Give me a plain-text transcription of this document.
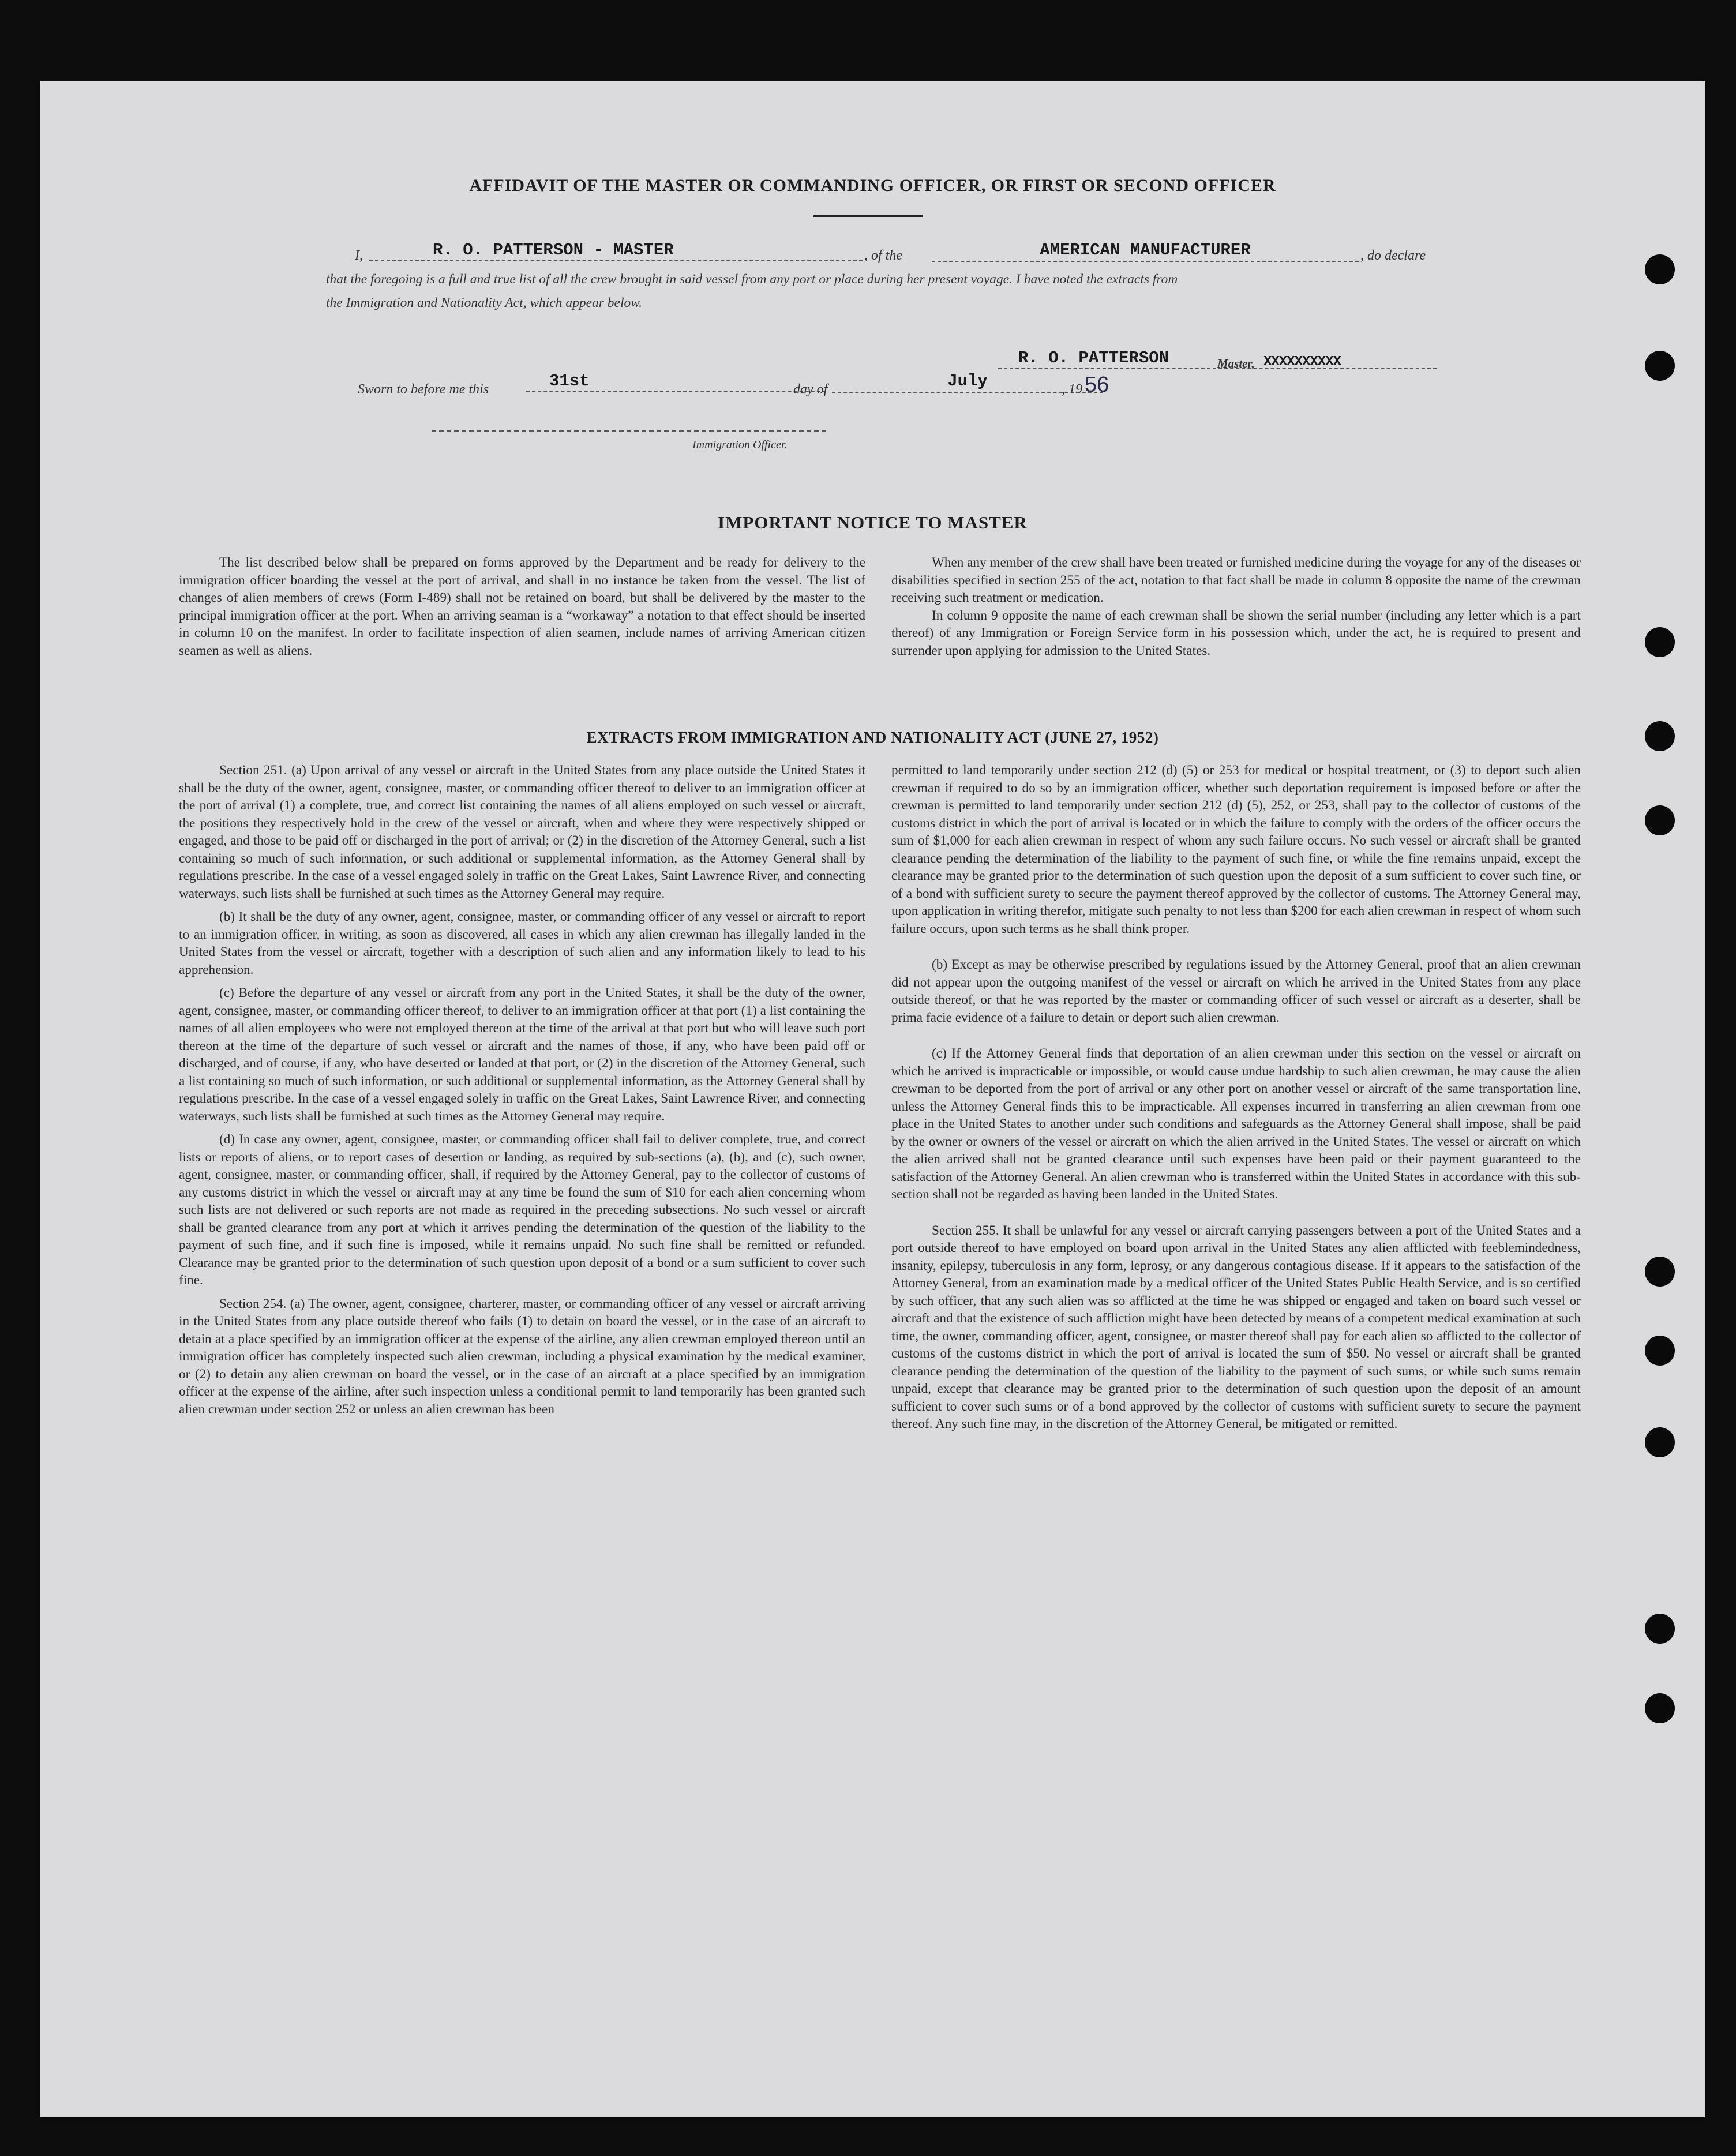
AFFIDAVIT OF THE MASTER OR COMMANDING OFFICER, OR FIRST OR SECOND OFFICER
I,	R. O. PATTERSON - MASTER	, of the	AMERICAN MANUFACTURER	, do declare
that the foregoing is a full and true list of all the crew brought in said vessel from any port or place during her present voyage. I have noted the extracts from
the Immigration and Nationality Act, which appear below.
Sworn to before me this	31st	day of	July	, 19 56
R. O. PATTERSON	Master, XXXXXXXXXX
Immigration Officer.
IMPORTANT NOTICE TO MASTER

The list described below shall be prepared on forms approved by the Department and be ready for delivery to the immigration officer boarding the vessel at the port of arrival, and shall in no instance be taken from the vessel. The list of changes of alien members of crews (Form I-489) shall not be retained on board, but shall be delivered by the master to the principal immigration officer at the port. When an arriving seaman is a “workaway” a notation to that effect should be inserted in column 10 on the manifest. In order to facilitate inspection of alien seamen, include names of arriving American citizen seamen as well as aliens.

When any member of the crew shall have been treated or furnished medicine during the voyage for any of the diseases or disabilities specified in section 255 of the act, notation to that fact shall be made in column 8 opposite the name of the crewman receiving such treatment or medication.

In column 9 opposite the name of each crewman shall be shown the serial number (including any letter which is a part thereof) of any Immigration or Foreign Service form in his possession which, under the act, he is required to present and surrender upon applying for admission to the United States.

EXTRACTS FROM IMMIGRATION AND NATIONALITY ACT (JUNE 27, 1952)

Section 251. (a) Upon arrival of any vessel or aircraft in the United States from any place outside the United States it shall be the duty of the owner, agent, consignee, master, or commanding officer thereof to deliver to an immigration officer at the port of arrival (1) a complete, true, and correct list containing the names of all aliens employed on such vessel or aircraft, the positions they respectively hold in the crew of the vessel or aircraft, when and where they were respectively shipped or engaged, and those to be paid off or discharged in the port of arrival; or (2) in the discretion of the Attorney General, such a list containing so much of such information, or such additional or supplemental information, as the Attorney General shall by regulations prescribe. In the case of a vessel engaged solely in traffic on the Great Lakes, Saint Lawrence River, and connecting waterways, such lists shall be furnished at such times as the Attorney General may require.

(b) It shall be the duty of any owner, agent, consignee, master, or commanding officer of any vessel or aircraft to report to an immigration officer, in writing, as soon as discovered, all cases in which any alien crewman has illegally landed in the United States from the vessel or aircraft, together with a description of such alien and any information likely to lead to his apprehension.

(c) Before the departure of any vessel or aircraft from any port in the United States, it shall be the duty of the owner, agent, consignee, master, or commanding officer thereof, to deliver to an immigration officer at that port (1) a list containing the names of all alien employees who were not employed thereon at the time of the arrival at that port but who will leave such port thereon at the time of the departure of such vessel or aircraft and the names of those, if any, who have been paid off or discharged, and of course, if any, who have deserted or landed at that port, or (2) in the discretion of the Attorney General, such a list containing so much of such information, or such additional or supplemental information, as the Attorney General shall by regulations prescribe. In the case of a vessel engaged solely in traffic on the Great Lakes, Saint Lawrence River, and connecting waterways, such lists shall be furnished at such times as the Attorney General may require.

(d) In case any owner, agent, consignee, master, or commanding officer shall fail to deliver complete, true, and correct lists or reports of aliens, or to report cases of desertion or landing, as required by sub-sections (a), (b), and (c), such owner, agent, consignee, master, or commanding officer, shall, if required by the Attorney General, pay to the collector of customs of any customs district in which the vessel or aircraft may at any time be found the sum of $10 for each alien concerning whom such lists are not delivered or such reports are not made as required in the preceding subsections. No such vessel or aircraft shall be granted clearance from any port at which it arrives pending the determination of the question of the liability to the payment of such fine, and if such fine is imposed, while it remains unpaid. No such fine shall be remitted or refunded. Clearance may be granted prior to the determination of such question upon deposit of a bond or a sum sufficient to cover such fine.

Section 254. (a) The owner, agent, consignee, charterer, master, or commanding officer of any vessel or aircraft arriving in the United States from any place outside thereof who fails (1) to detain on board the vessel, or in the case of an aircraft to detain at a place specified by an immigration officer at the expense of the airline, any alien crewman employed thereon until an immigration officer has completely inspected such alien crewman, including a physical examination by the medical examiner, or (2) to detain any alien crewman on board the vessel, or in the case of an aircraft at a place specified by an immigration officer at the expense of the airline, after such inspection unless a conditional permit to land temporarily has been granted such alien crewman under section 252 or unless an alien crewman has been

permitted to land temporarily under section 212 (d) (5) or 253 for medical or hospital treatment, or (3) to deport such alien crewman if required to do so by an immigration officer, whether such deportation requirement is imposed before or after the crewman is permitted to land temporarily under section 212 (d) (5), 252, or 253, shall pay to the collector of customs of the customs district in which the port of arrival is located or in which the failure to comply with the orders of the officer occurs the sum of $1,000 for each alien crewman in respect of whom any such failure occurs. No such vessel or aircraft shall be granted clearance pending the determination of the liability to the payment of such fine, or while the fine remains unpaid, except the clearance may be granted prior to the determination of such question upon the deposit of a sum sufficient to cover such fine, or of a bond with sufficient surety to secure the payment thereof approved by the collector of customs. The Attorney General may, upon application in writing therefor, mitigate such penalty to not less than $200 for each alien crewman in respect of whom such failure occurs, upon such terms as he shall think proper.

(b) Except as may be otherwise prescribed by regulations issued by the Attorney General, proof that an alien crewman did not appear upon the outgoing manifest of the vessel or aircraft on which he arrived in the United States from any place outside thereof, or that he was reported by the master or commanding officer of such vessel or aircraft as a deserter, shall be prima facie evidence of a failure to detain or deport such alien crewman.

(c) If the Attorney General finds that deportation of an alien crewman under this section on the vessel or aircraft on which he arrived is impracticable or impossible, or would cause undue hardship to such alien crewman, he may cause the alien crewman to be deported from the port of arrival or any other port on another vessel or aircraft of the same transportation line, unless the Attorney General finds this to be impracticable. All expenses incurred in transferring an alien crewman from one place in the United States to another under such conditions and safeguards as the Attorney General shall impose, shall be paid by the owner or owners of the vessel or aircraft on which the alien arrived in the United States. The vessel or aircraft on which the alien arrived shall not be granted clearance until such expenses have been paid or their payment guaranteed to the satisfaction of the Attorney General. An alien crewman who is transferred within the United States in accordance with this sub-section shall not be regarded as having been landed in the United States.

Section 255. It shall be unlawful for any vessel or aircraft carrying passengers between a port of the United States and a port outside thereof to have employed on board upon arrival in the United States any alien afflicted with feeblemindedness, insanity, epilepsy, tuberculosis in any form, leprosy, or any dangerous contagious disease. If it appears to the satisfaction of the Attorney General, from an examination made by a medical officer of the United States Public Health Service, and is so certified by such officer, that any such alien was so afflicted at the time he was shipped or engaged and taken on board such vessel or aircraft and that the existence of such affliction might have been detected by means of a competent medical examination at such time, the owner, commanding officer, agent, consignee, or master thereof shall pay for each alien so afflicted to the collector of customs of the customs district in which the port of arrival is located the sum of $50. No vessel or aircraft shall be granted clearance pending the determination of the question of the liability to the payment of such sums, or while such sums remain unpaid, except that clearance may be granted prior to the determination of such question upon the deposit of an amount sufficient to cover such sums or of a bond approved by the collector of customs with sufficient surety to secure the payment thereof. Any such fine may, in the discretion of the Attorney General, be mitigated or remitted.
